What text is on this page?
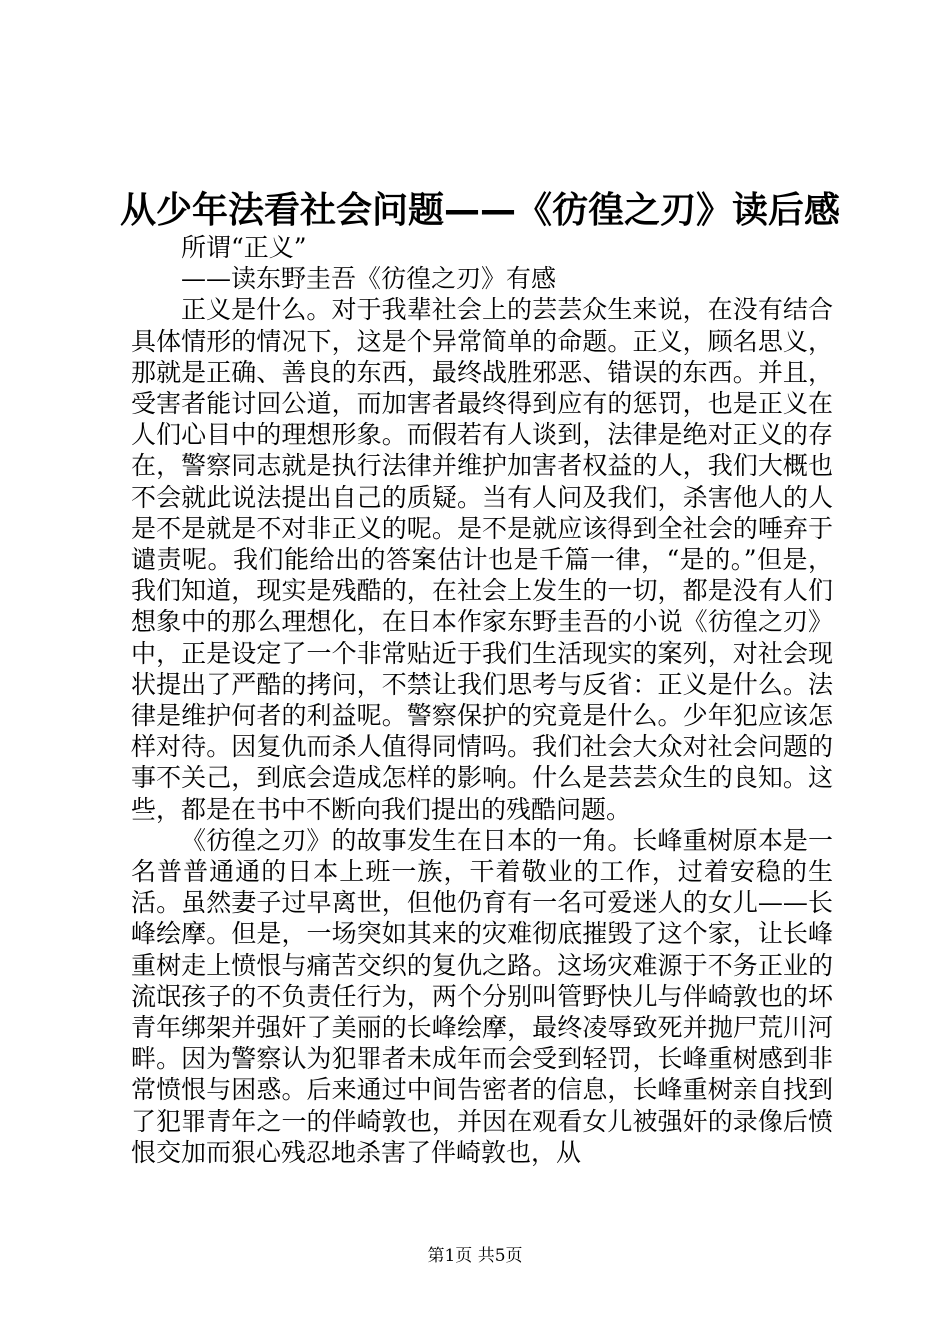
从少年法看社会问题——《彷徨之刃》读后感

所谓“正义”

——读东野圭吾《彷徨之刃》有感

正义是什么。对于我辈社会上的芸芸众生来说，在没有结合具体情形的情况下，这是个异常简单的命题。正义，顾名思义，那就是正确、善良的东西，最终战胜邪恶、错误的东西。并且，受害者能讨回公道，而加害者最终得到应有的惩罚，也是正义在人们心目中的理想形象。而假若有人谈到，法律是绝对正义的存在，警察同志就是执行法律并维护加害者权益的人，我们大概也不会就此说法提出自己的质疑。当有人问及我们，杀害他人的人是不是就是不对非正义的呢。是不是就应该得到全社会的唾弃于谴责呢。我们能给出的答案估计也是千篇一律，“是的。”但是，我们知道，现实是残酷的，在社会上发生的一切，都是没有人们想象中的那么理想化，在日本作家东野圭吾的小说《彷徨之刃》中，正是设定了一个非常贴近于我们生活现实的案列，对社会现状提出了严酷的拷问，不禁让我们思考与反省：正义是什么。法律是维护何者的利益呢。警察保护的究竟是什么。少年犯应该怎样对待。因复仇而杀人值得同情吗。我们社会大众对社会问题的事不关己，到底会造成怎样的影响。什么是芸芸众生的良知。这些，都是在书中不断向我们提出的残酷问题。

《彷徨之刃》的故事发生在日本的一角。长峰重树原本是一名普普通通的日本上班一族，干着敬业的工作，过着安稳的生活。虽然妻子过早离世，但他仍育有一名可爱迷人的女儿——长峰绘摩。但是，一场突如其来的灾难彻底摧毁了这个家，让长峰重树走上愤恨与痛苦交织的复仇之路。这场灾难源于不务正业的流氓孩子的不负责任行为，两个分别叫管野快儿与伴崎敦也的坏青年绑架并强奸了美丽的长峰绘摩，最终凌辱致死并抛尸荒川河畔。因为警察认为犯罪者未成年而会受到轻罚，长峰重树感到非常愤恨与困惑。后来通过中间告密者的信息，长峰重树亲自找到了犯罪青年之一的伴崎敦也，并因在观看女儿被强奸的录像后愤恨交加而狠心残忍地杀害了伴崎敦也，从

第1页 共5页
